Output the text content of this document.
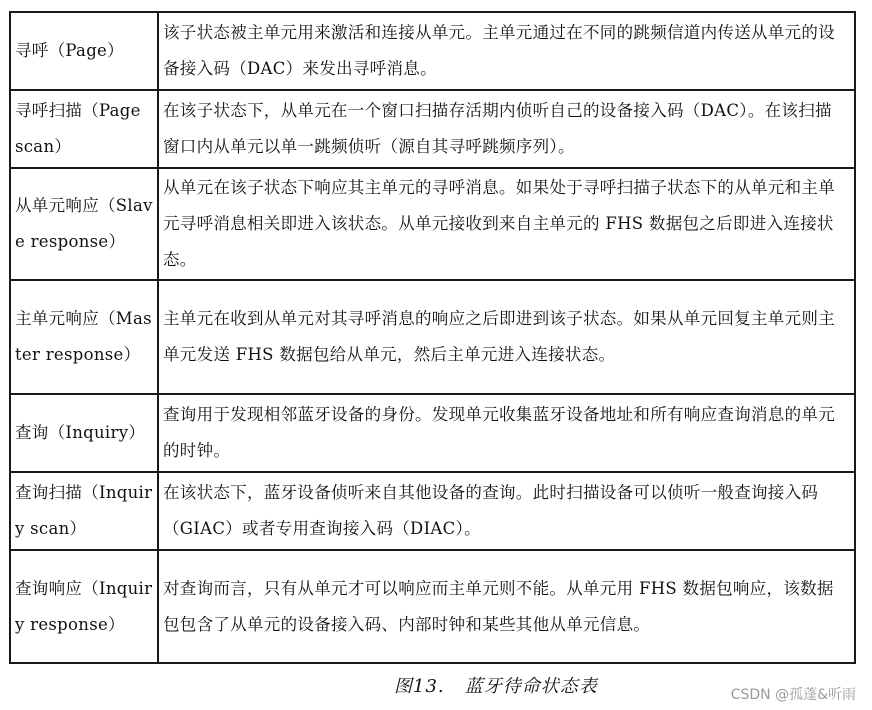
寻呼（Page）	该子状态被主单元用来激活和连接从单元。主单元通过在不同的跳频信道内传送从单元的设备接入码（DAC）来发出寻呼消息。
寻呼扫描（Page scan）	在该子状态下，从单元在一个窗口扫描存活期内侦听自己的设备接入码（DAC）。在该扫描窗口内从单元以单一跳频侦听（源自其寻呼跳频序列）。
从单元响应（Slave response）	从单元在该子状态下响应其主单元的寻呼消息。如果处于寻呼扫描子状态下的从单元和主单元寻呼消息相关即进入该状态。从单元接收到来自主单元的 FHS 数据包之后即进入连接状态。
主单元响应（Master response）	主单元在收到从单元对其寻呼消息的响应之后即进到该子状态。如果从单元回复主单元则主单元发送 FHS 数据包给从单元，然后主单元进入连接状态。
查询（Inquiry）	查询用于发现相邻蓝牙设备的身份。发现单元收集蓝牙设备地址和所有响应查询消息的单元的时钟。
查询扫描（Inquiry scan）	在该状态下，蓝牙设备侦听来自其他设备的查询。此时扫描设备可以侦听一般查询接入码（GIAC）或者专用查询接入码（DIAC）。
查询响应（Inquiry response）	对查询而言，只有从单元才可以响应而主单元则不能。从单元用 FHS 数据包响应，该数据包包含了从单元的设备接入码、内部时钟和某些其他从单元信息。
图13.   蓝牙待命状态表	CSDN @孤蓬&听雨
